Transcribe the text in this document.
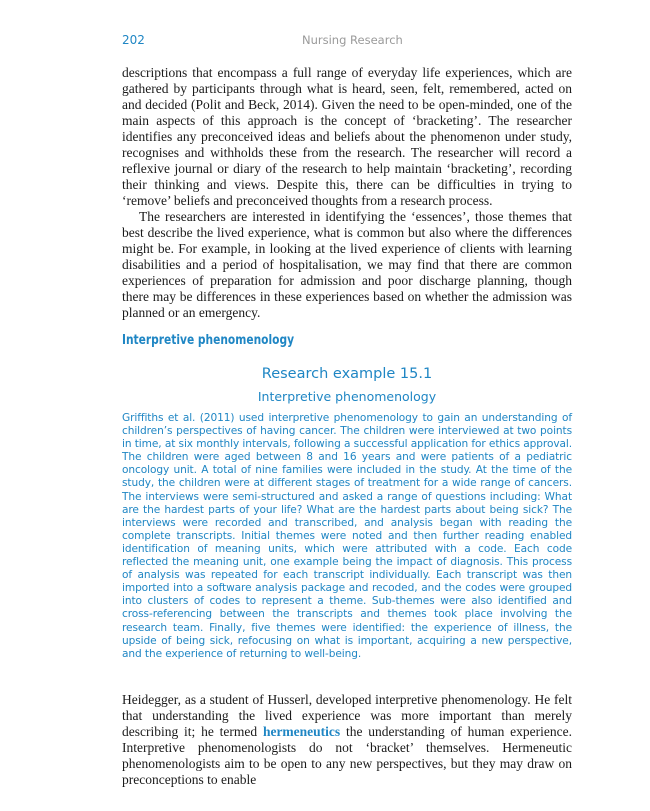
202	Nursing Research

descriptions that encompass a full range of everyday life experiences, which are gathered by participants through what is heard, seen, felt, remembered, acted on and decided (Polit and Beck, 2014). Given the need to be open-minded, one of the main aspects of this approach is the concept of ‘bracketing’. The researcher identifies any preconceived ideas and beliefs about the phenomenon under study, recognises and withholds these from the research. The researcher will record a reflexive journal or diary of the research to help maintain ‘bracketing’, recording their thinking and views. Despite this, there can be difficulties in trying to ‘remove’ beliefs and preconceived thoughts from a research process.

The researchers are interested in identifying the ‘essences’, those themes that best describe the lived experience, what is common but also where the differences might be. For example, in looking at the lived experience of clients with learning disabilities and a period of hospitalisation, we may find that there are common experiences of preparation for admission and poor discharge planning, though there may be differences in these experiences based on whether the admission was planned or an emergency.

Interpretive phenomenology

Research example 15.1

Interpretive phenomenology

Griffiths et al. (2011) used interpretive phenomenology to gain an understanding of children’s perspectives of having cancer. The children were interviewed at two points in time, at six monthly intervals, following a successful application for ethics approval. The children were aged between 8 and 16 years and were patients of a pediatric oncology unit. A total of nine families were included in the study. At the time of the study, the children were at different stages of treatment for a wide range of cancers. The interviews were semi-structured and asked a range of questions including: What are the hardest parts of your life? What are the hardest parts about being sick? The interviews were recorded and transcribed, and analysis began with reading the complete transcripts. Initial themes were noted and then further reading enabled identification of meaning units, which were attributed with a code. Each code reflected the meaning unit, one example being the impact of diagnosis. This process of analysis was repeated for each transcript individually. Each transcript was then imported into a software analysis package and recoded, and the codes were grouped into clusters of codes to represent a theme. Sub-themes were also identified and cross-referencing between the transcripts and themes took place involving the research team. Finally, five themes were identified: the experience of illness, the upside of being sick, refocusing on what is important, acquiring a new perspective, and the experience of returning to well-being.

Heidegger, as a student of Husserl, developed interpretive phenomenology. He felt that understanding the lived experience was more important than merely describing it; he termed hermeneutics the understanding of human experience. Interpretive phenomenologists do not ‘bracket’ themselves. Hermeneutic phenomenologists aim to be open to any new perspectives, but they may draw on preconceptions to enable
